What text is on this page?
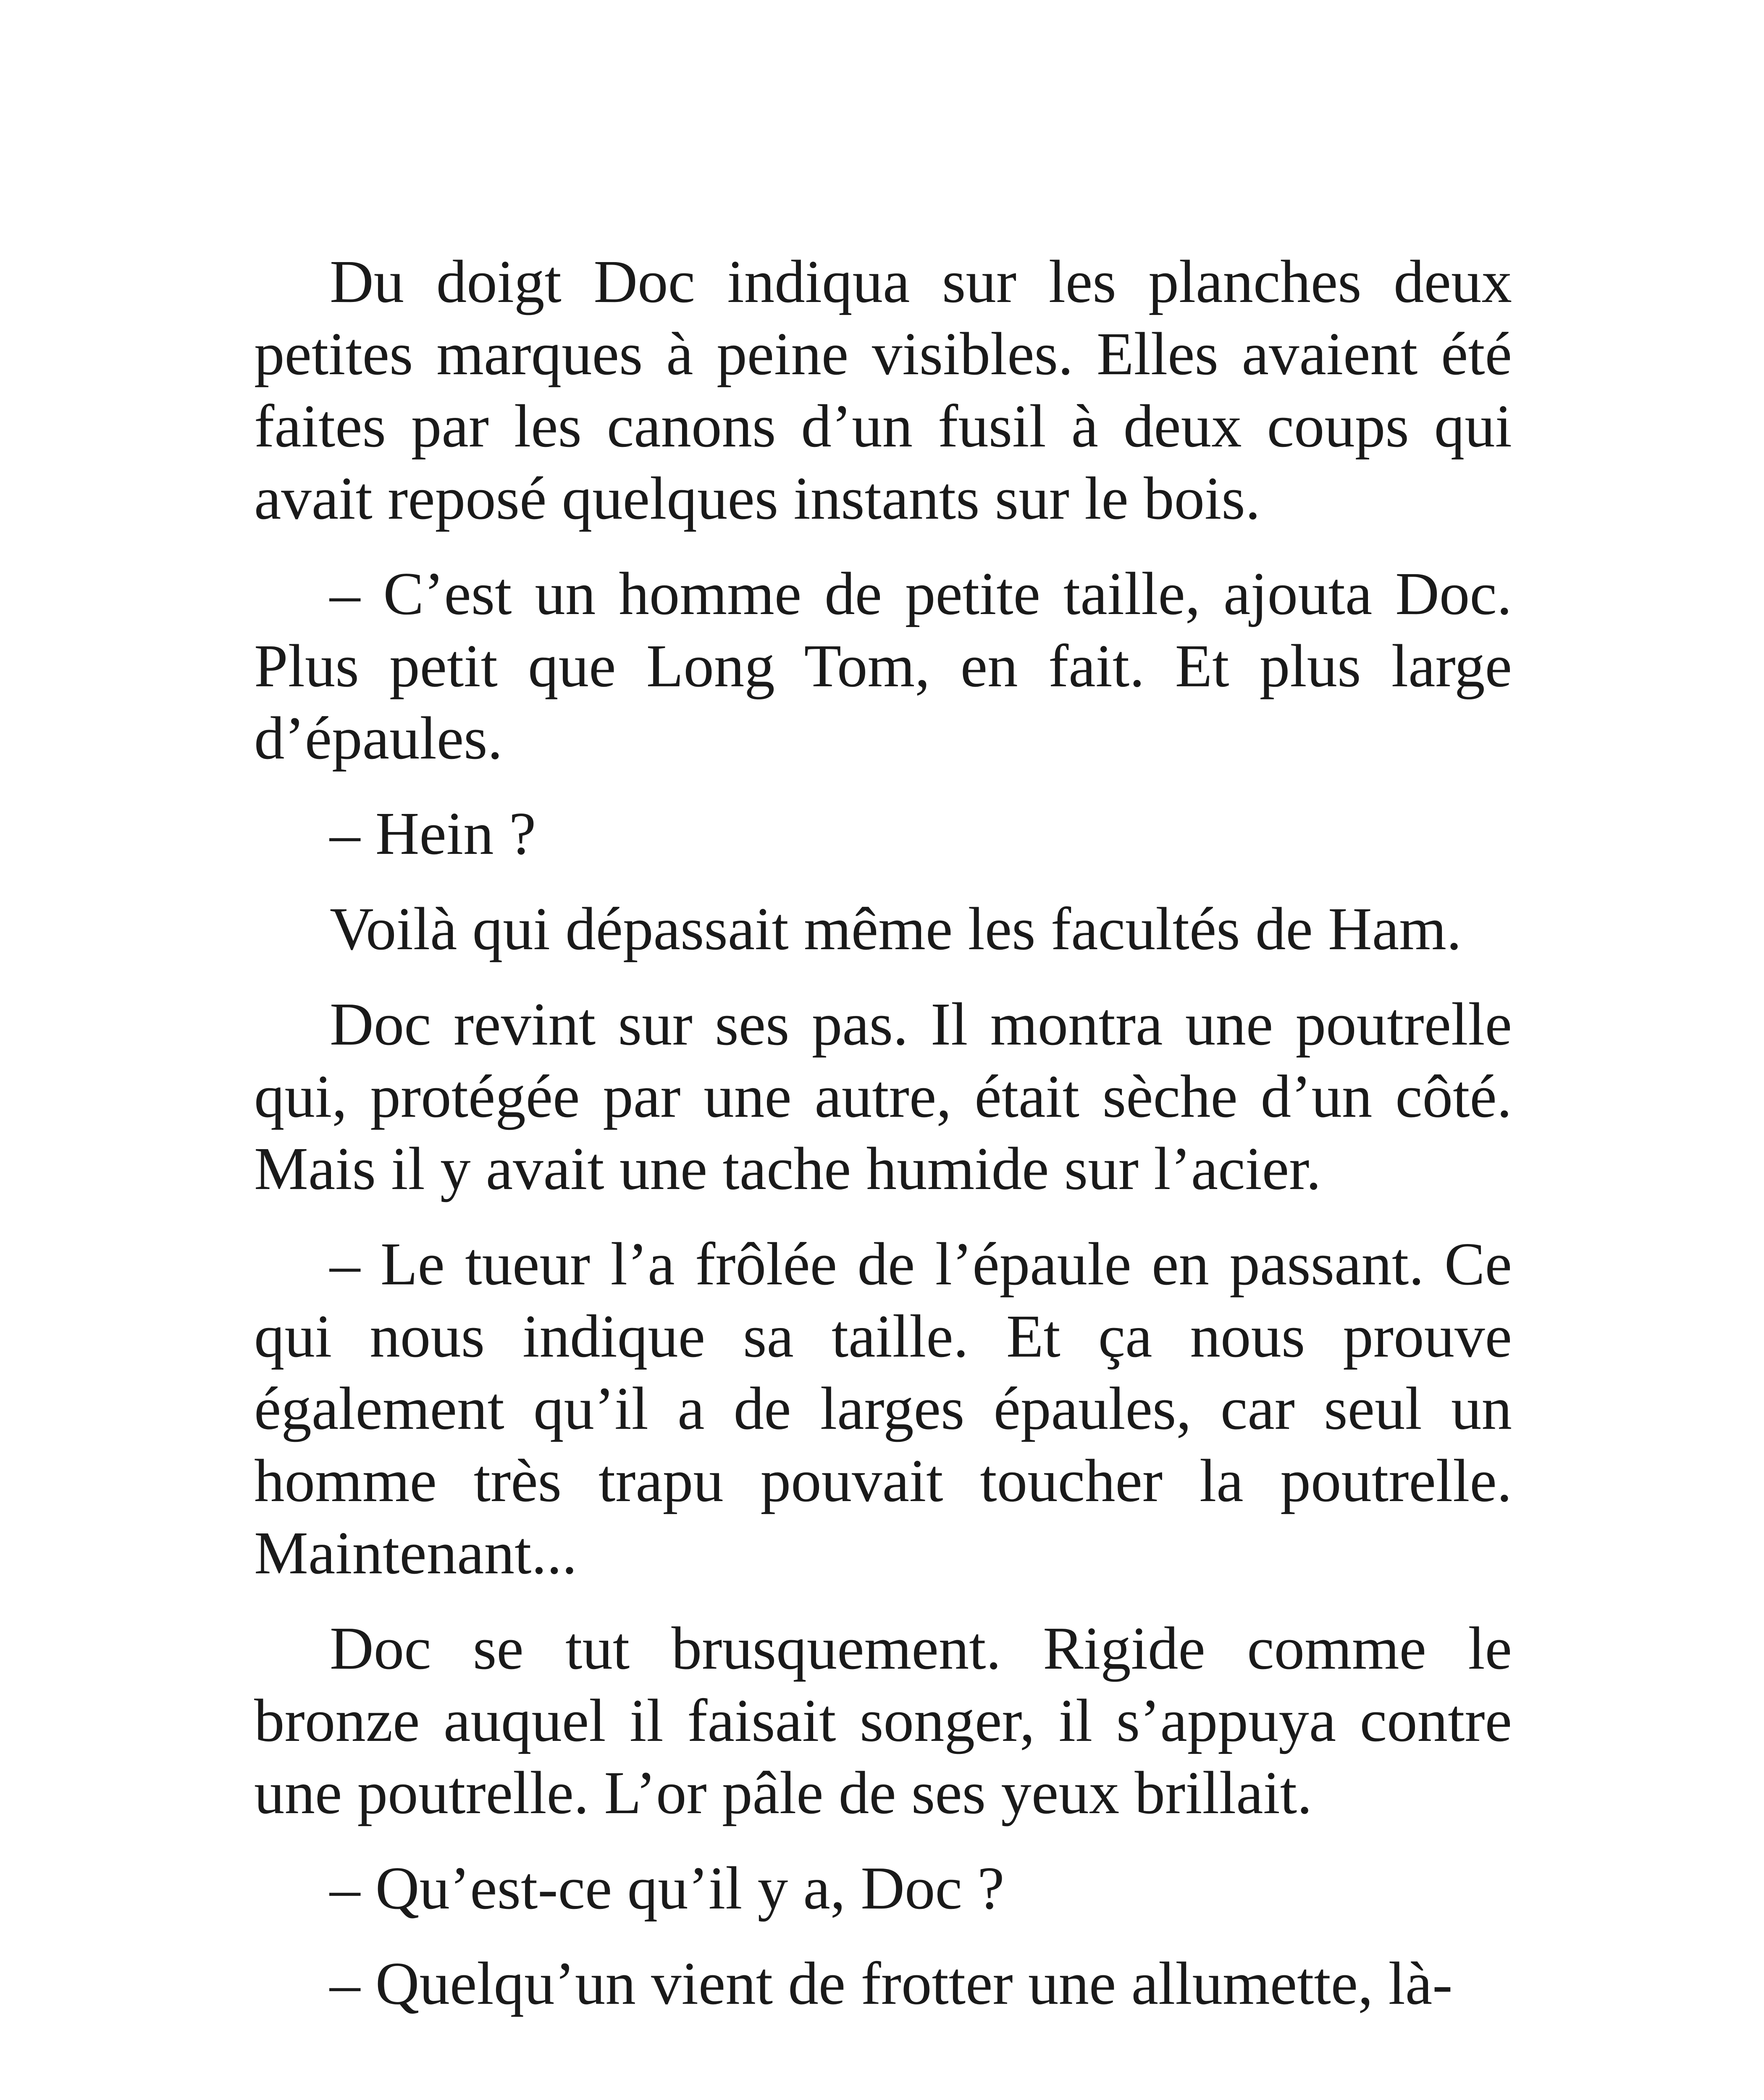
Du doigt Doc indiqua sur les planches deux petites marques à peine visibles. Elles avaient été faites par les canons d’un fusil à deux coups qui avait reposé quelques instants sur le bois.

– C’est un homme de petite taille, ajouta Doc. Plus petit que Long Tom, en fait. Et plus large d’épaules.

– Hein ?

Voilà qui dépassait même les facultés de Ham.

Doc revint sur ses pas. Il montra une poutrelle qui, protégée par une autre, était sèche d’un côté. Mais il y avait une tache humide sur l’acier.

– Le tueur l’a frôlée de l’épaule en passant. Ce qui nous indique sa taille. Et ça nous prouve également qu’il a de larges épaules, car seul un homme très trapu pouvait toucher la poutrelle. Maintenant...

Doc se tut brusquement. Rigide comme le bronze auquel il faisait songer, il s’appuya contre une poutrelle. L’or pâle de ses yeux brillait.

– Qu’est-ce qu’il y a, Doc ?

– Quelqu’un vient de frotter une allumette, là-
